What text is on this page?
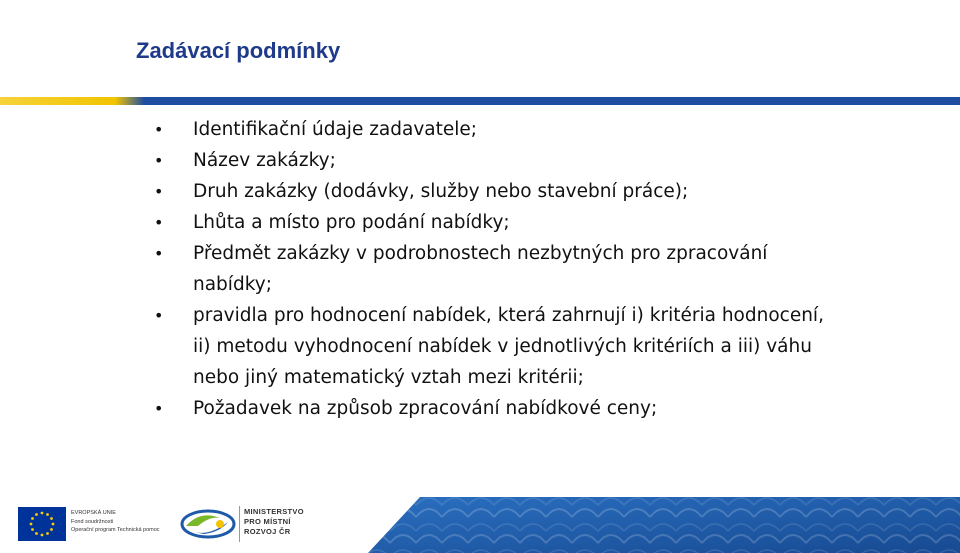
Zadávací podmínky
• Identifikační údaje zadavatele;
• Název zakázky;
• Druh zakázky (dodávky, služby nebo stavební práce);
• Lhůta a místo pro podání nabídky;
• Předmět zakázky v podrobnostech nezbytných pro zpracování nabídky;
• pravidla pro hodnocení nabídek, která zahrnují i) kritéria hodnocení, ii) metodu vyhodnocení nabídek v jednotlivých kritériích a iii) váhu nebo jiný matematický vztah mezi kritérii;
• Požadavek na způsob zpracování nabídkové ceny;
EVROPSKÁ UNIE
Fond soudržnosti
Operační program Technická pomoc
MINISTERSTVO
PRO MÍSTNÍ
ROZVOJ ČR
